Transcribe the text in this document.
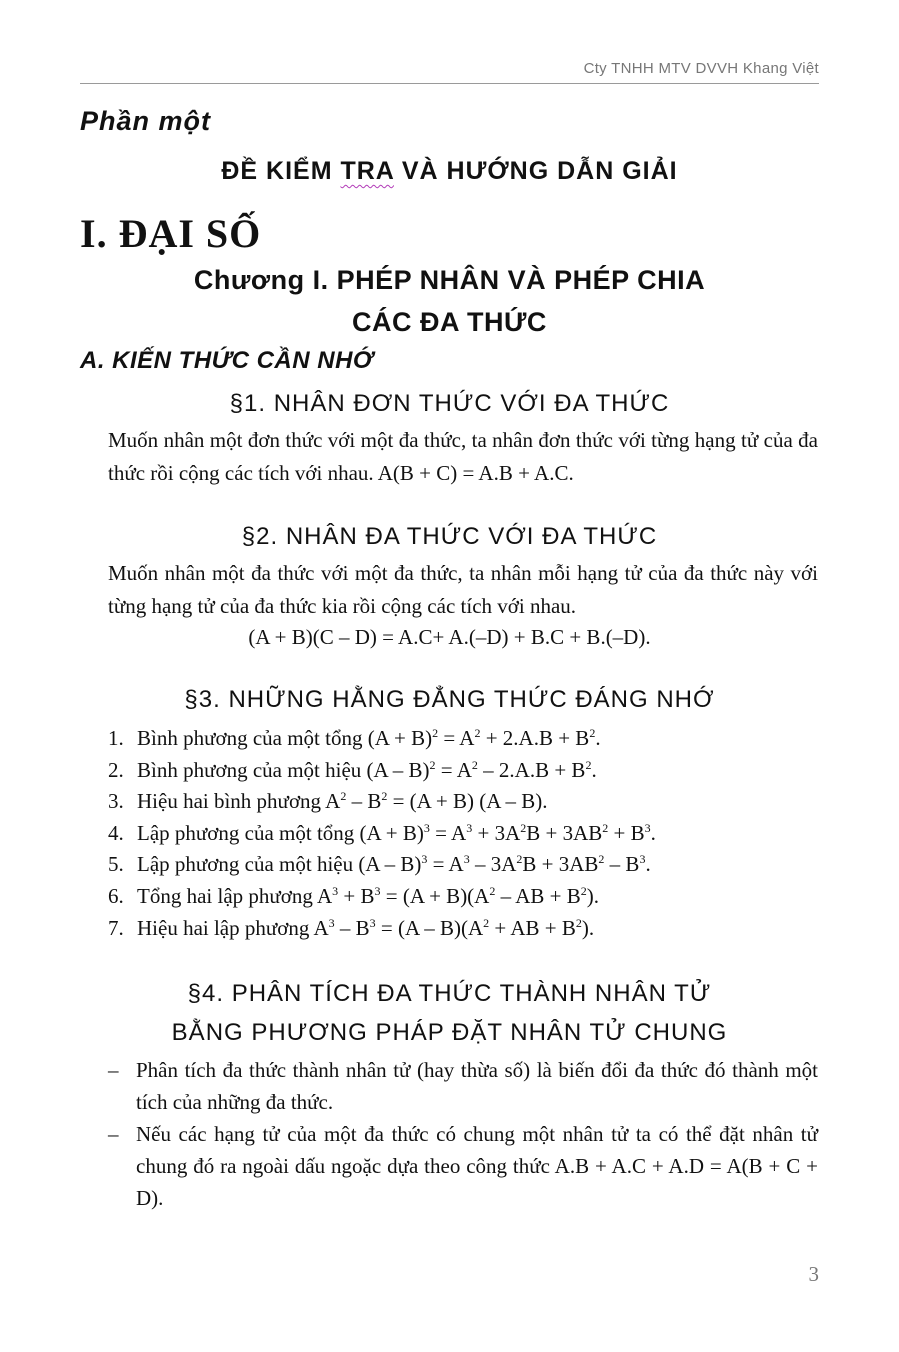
Cty TNHH MTV DVVH Khang Việt
Phần một
ĐỀ KIỂM TRA VÀ HƯỚNG DẪN GIẢI
I. ĐẠI SỐ
Chương I. PHÉP NHÂN VÀ PHÉP CHIA
CÁC ĐA THỨC
A. KIẾN THỨC CẦN NHỚ
§1. NHÂN ĐƠN THỨC VỚI ĐA THỨC
Muốn nhân một đơn thức với một đa thức, ta nhân đơn thức với từng hạng tử của đa thức rồi cộng các tích với nhau. A(B + C) = A.B + A.C.
§2. NHÂN ĐA THỨC VỚI ĐA THỨC
Muốn nhân một đa thức với một đa thức, ta nhân mỗi hạng tử của đa thức này với từng hạng tử của đa thức kia rồi cộng các tích với nhau.
(A + B)(C – D) = A.C+ A.(–D) + B.C + B.(–D).
§3. NHỮNG HẰNG ĐẲNG THỨC ĐÁNG NHỚ
1. Bình phương của một tổng $(A + B)^2 = A^2 + 2.A.B + B^2$.
2. Bình phương của một hiệu $(A - B)^2 = A^2 - 2.A.B + B^2$.
3. Hiệu hai bình phương $A^2 - B^2 = (A + B)$ (A – B).
4. Lập phương của một tổng $(A + B)^3 = A^3 + 3A^2B + 3AB^2 + B^3$.
5. Lập phương của một hiệu $(A - B)^3 = A^3 - 3A^2B + 3AB^2 - B^3$.
6. Tổng hai lập phương $A^3 + B^3 = (A + B)(A^2$ – AB + $B^2$).
7. Hiệu hai lập phương $A^3 - B^3 = (A - B)(A^2$ + AB + $B^2$).
§4. PHÂN TÍCH ĐA THỨC THÀNH NHÂN TỬ
BẰNG PHƯƠNG PHÁP ĐẶT NHÂN TỬ CHUNG
– Phân tích đa thức thành nhân tử (hay thừa số) là biến đổi đa thức đó thành một tích của những đa thức.
– Nếu các hạng tử của một đa thức có chung một nhân tử ta có thể đặt nhân tử chung đó ra ngoài dấu ngoặc dựa theo công thức A.B + A.C + A.D = A(B + C + D).
3
